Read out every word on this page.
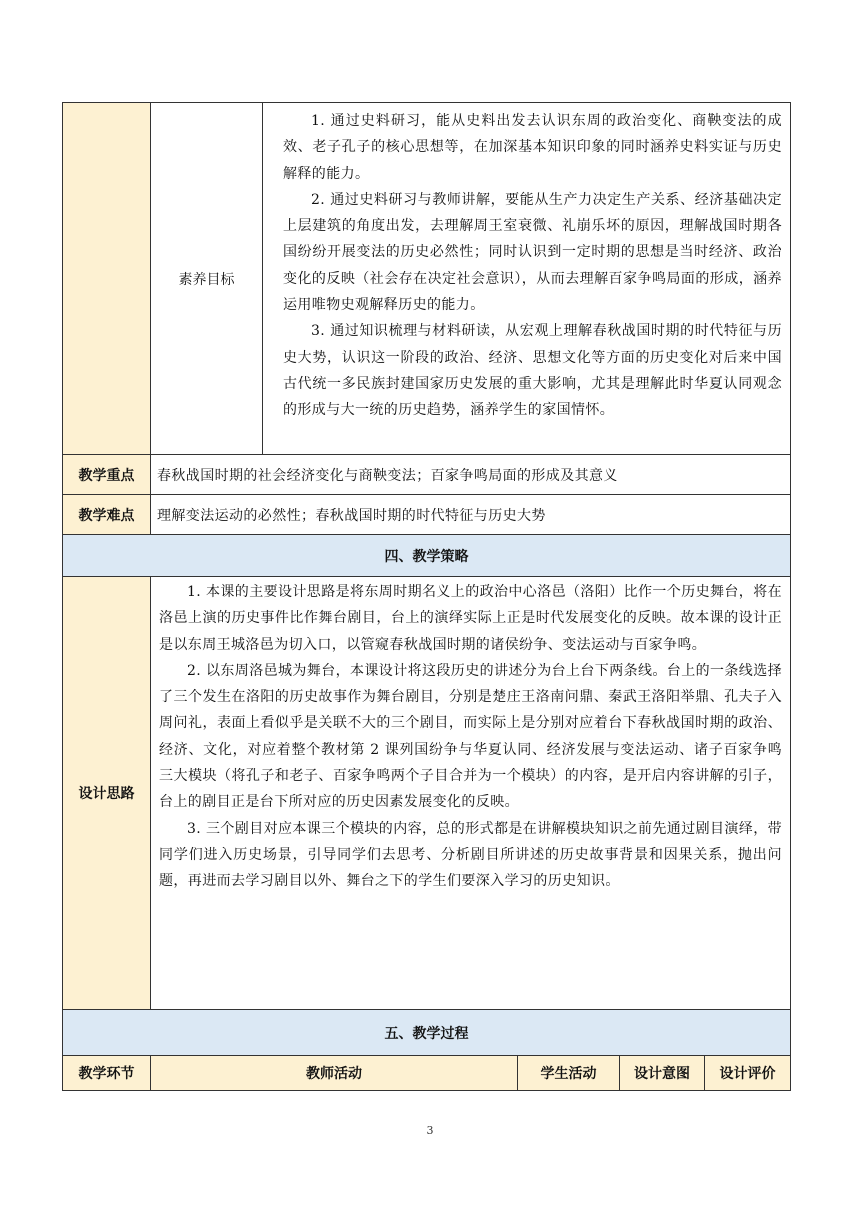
	素养目标	1. 通过史料研习，能从史料出发去认识东周的政治变化、商鞅变法的成效、老子孔子的核心思想等，在加深基本知识印象的同时涵养史料实证与历史解释的能力。

2. 通过史料研习与教师讲解，要能从生产力决定生产关系、经济基础决定上层建筑的角度出发，去理解周王室衰微、礼崩乐坏的原因，理解战国时期各国纷纷开展变法的历史必然性；同时认识到一定时期的思想是当时经济、政治变化的反映（社会存在决定社会意识），从而去理解百家争鸣局面的形成，涵养运用唯物史观解释历史的能力。

3. 通过知识梳理与材料研读，从宏观上理解春秋战国时期的时代特征与历史大势，认识这一阶段的政治、经济、思想文化等方面的历史变化对后来中国古代统一多民族封建国家历史发展的重大影响，尤其是理解此时华夏认同观念的形成与大一统的历史趋势，涵养学生的家国情怀。			

教学重点	春秋战国时期的社会经济变化与商鞅变法；百家争鸣局面的形成及其意义				
教学难点	理解变法运动的必然性；春秋战国时期的时代特征与历史大势				
四、教学策略					
设计思路	1. 本课的主要设计思路是将东周时期名义上的政治中心洛邑（洛阳）比作一个历史舞台，将在洛邑上演的历史事件比作舞台剧目，台上的演绎实际上正是时代发展变化的反映。故本课的设计正是以东周王城洛邑为切入口，以管窥春秋战国时期的诸侯纷争、变法运动与百家争鸣。

2. 以东周洛邑城为舞台，本课设计将这段历史的讲述分为台上台下两条线。台上的一条线选择了三个发生在洛阳的历史故事作为舞台剧目，分别是楚庄王洛南问鼎、秦武王洛阳举鼎、孔夫子入周问礼，表面上看似乎是关联不大的三个剧目，而实际上是分别对应着台下春秋战国时期的政治、经济、文化，对应着整个教材第 2 课列国纷争与华夏认同、经济发展与变法运动、诸子百家争鸣三大模块（将孔子和老子、百家争鸣两个子目合并为一个模块）的内容，是开启内容讲解的引子，台上的剧目正是台下所对应的历史因素发展变化的反映。

3. 三个剧目对应本课三个模块的内容，总的形式都是在讲解模块知识之前先通过剧目演绎，带同学们进入历史场景，引导同学们去思考、分析剧目所讲述的历史故事背景和因果关系，抛出问题，再进而去学习剧目以外、舞台之下的学生们要深入学习的历史知识。				

五、教学过程					
教学环节	教师活动		学生活动	设计意图	设计评价
3
